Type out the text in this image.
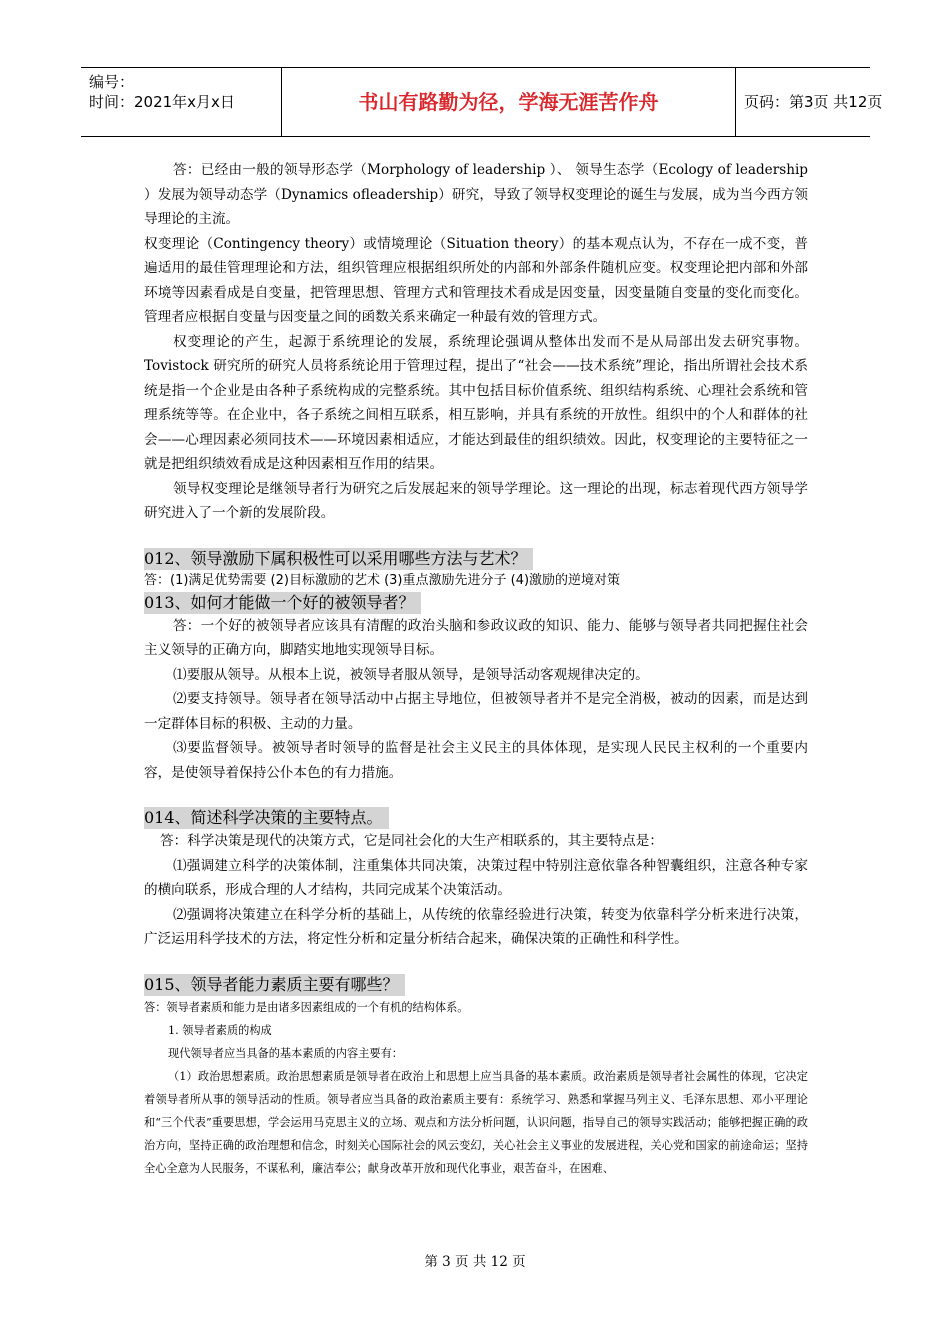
编号：
时间：2021年x月x日	书山有路勤为径，学海无涯苦作舟	页码：第3页 共12页

答：已经由一般的领导形态学（Morphology of leadership ）、 领导生态学（Ecology of leadership ）发展为领导动态学（Dynamics ofleadership）研究，导致了领导权变理论的诞生与发展，成为当今西方领导理论的主流。

权变理论（Contingency theory）或情境理论（Situation theory）的基本观点认为，不存在一成不变，普遍适用的最佳管理理论和方法，组织管理应根据组织所处的内部和外部条件随机应变。权变理论把内部和外部环境等因素看成是自变量，把管理思想、管理方式和管理技术看成是因变量，因变量随自变量的变化而变化。管理者应根据自变量与因变量之间的函数关系来确定一种最有效的管理方式。

权变理论的产生，起源于系统理论的发展，系统理论强调从整体出发而不是从局部出发去研究事物。Tovistock 研究所的研究人员将系统论用于管理过程，提出了“社会——技术系统”理论，指出所谓社会技术系统是指一个企业是由各种子系统构成的完整系统。其中包括目标价值系统、组织结构系统、心理社会系统和管理系统等等。在企业中，各子系统之间相互联系，相互影响，并具有系统的开放性。组织中的个人和群体的社会——心理因素必须同技术——环境因素相适应，才能达到最佳的组织绩效。因此，权变理论的主要特征之一就是把组织绩效看成是这种因素相互作用的结果。

领导权变理论是继领导者行为研究之后发展起来的领导学理论。这一理论的出现，标志着现代西方领导学研究进入了一个新的发展阶段。

012、领导激励下属积极性可以采用哪些方法与艺术？

答：(1)满足优势需要 (2)目标激励的艺术 (3)重点激励先进分子 (4)激励的逆境对策

013、如何才能做一个好的被领导者？

答：一个好的被领导者应该具有清醒的政治头脑和参政议政的知识、能力、能够与领导者共同把握住社会主义领导的正确方向，脚踏实地地实现领导目标。

⑴要服从领导。从根本上说，被领导者服从领导，是领导活动客观规律决定的。

⑵要支持领导。领导者在领导活动中占据主导地位，但被领导者并不是完全消极，被动的因素，而是达到一定群体目标的积极、主动的力量。

⑶要监督领导。被领导者时领导的监督是社会主义民主的具体体现，是实现人民民主权利的一个重要内容，是使领导着保持公仆本色的有力措施。

014、简述科学决策的主要特点。

答：科学决策是现代的决策方式，它是同社会化的大生产相联系的，其主要特点是：

⑴强调建立科学的决策体制，注重集体共同决策，决策过程中特别注意依靠各种智囊组织，注意各种专家的横向联系，形成合理的人才结构，共同完成某个决策活动。

⑵强调将决策建立在科学分析的基础上，从传统的依靠经验进行决策，转变为依靠科学分析来进行决策，广泛运用科学技术的方法，将定性分析和定量分析结合起来，确保决策的正确性和科学性。

015、领导者能力素质主要有哪些？

答：领导者素质和能力是由诸多因素组成的一个有机的结构体系。

1. 领导者素质的构成

现代领导者应当具备的基本素质的内容主要有：

（1）政治思想素质。政治思想素质是领导者在政治上和思想上应当具备的基本素质。政治素质是领导者社会属性的体现，它决定着领导者所从事的领导活动的性质。领导者应当具备的政治素质主要有：系统学习、熟悉和掌握马列主义、毛泽东思想、邓小平理论和“三个代表”重要思想，学会运用马克思主义的立场、观点和方法分析问题，认识问题，指导自己的领导实践活动；能够把握正确的政治方向，坚持正确的政治理想和信念，时刻关心国际社会的风云变幻，关心社会主义事业的发展进程，关心党和国家的前途命运；坚持全心全意为人民服务，不谋私利，廉洁奉公；献身改革开放和现代化事业，艰苦奋斗，在困难、

第 3 页 共 12 页
